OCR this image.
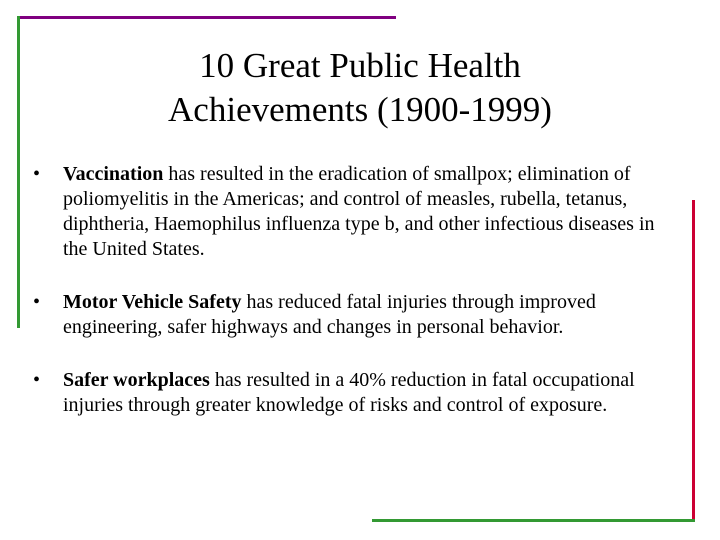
10 Great Public Health
Achievements (1900-1999)
• Vaccination has resulted in the eradication of smallpox; elimination of poliomyelitis in the Americas; and control of measles, rubella, tetanus, diphtheria, Haemophilus influenza type b, and other infectious diseases in the United States.
• Motor Vehicle Safety has reduced fatal injuries through improved engineering, safer highways and changes in personal behavior.
• Safer workplaces has resulted in a 40% reduction in fatal occupational injuries through greater knowledge of risks and control of exposure.
